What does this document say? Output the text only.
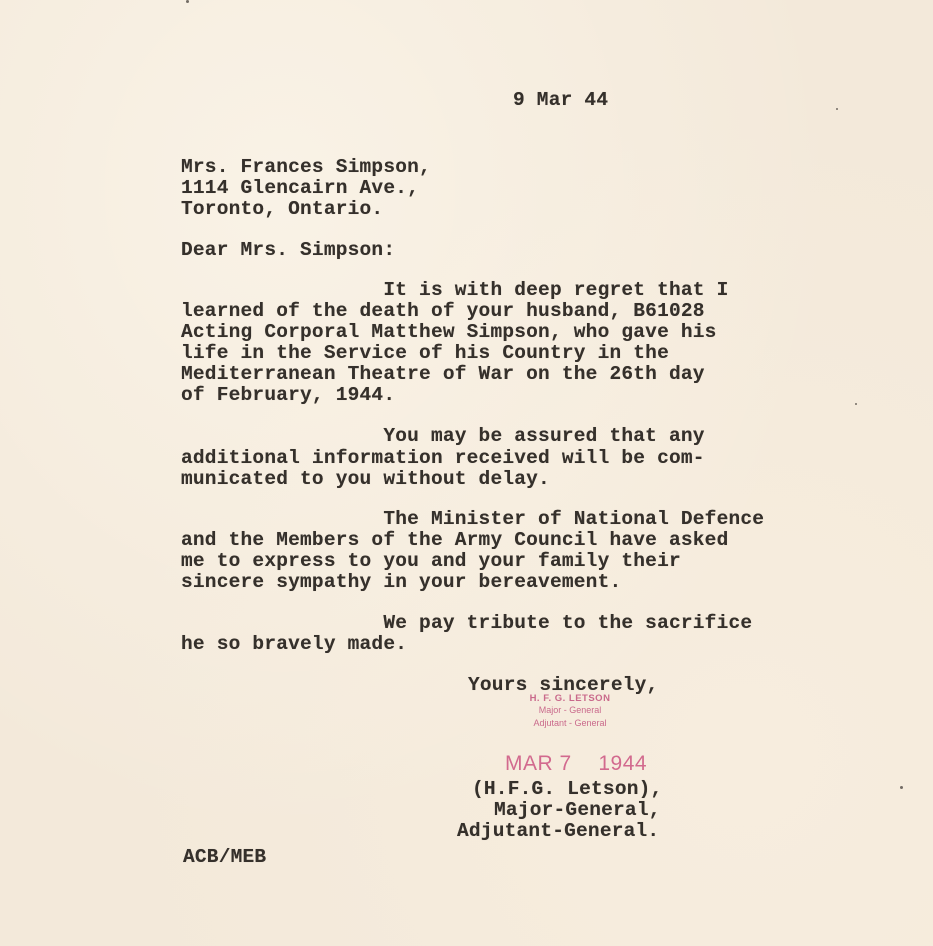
9 Mar 44
Mrs. Frances Simpson,
1114 Glencairn Ave.,
Toronto, Ontario.
Dear Mrs. Simpson:
It is with deep regret that I
learned of the death of your husband, B61028
Acting Corporal Matthew Simpson, who gave his
life in the Service of his Country in the
Mediterranean Theatre of War on the 26th day
of February, 1944.
You may be assured that any
additional information received will be com-
municated to you without delay.
The Minister of National Defence
and the Members of the Army Council have asked
me to express to you and your family their
sincere sympathy in your bereavement.
We pay tribute to the sacrifice
he so bravely made.
Yours sincerely,
H. F. G. LETSON
Major - General
Adjutant - General
MAR 7 1944
(H.F.G. Letson),
Major-General,
Adjutant-General.
ACB/MEB
